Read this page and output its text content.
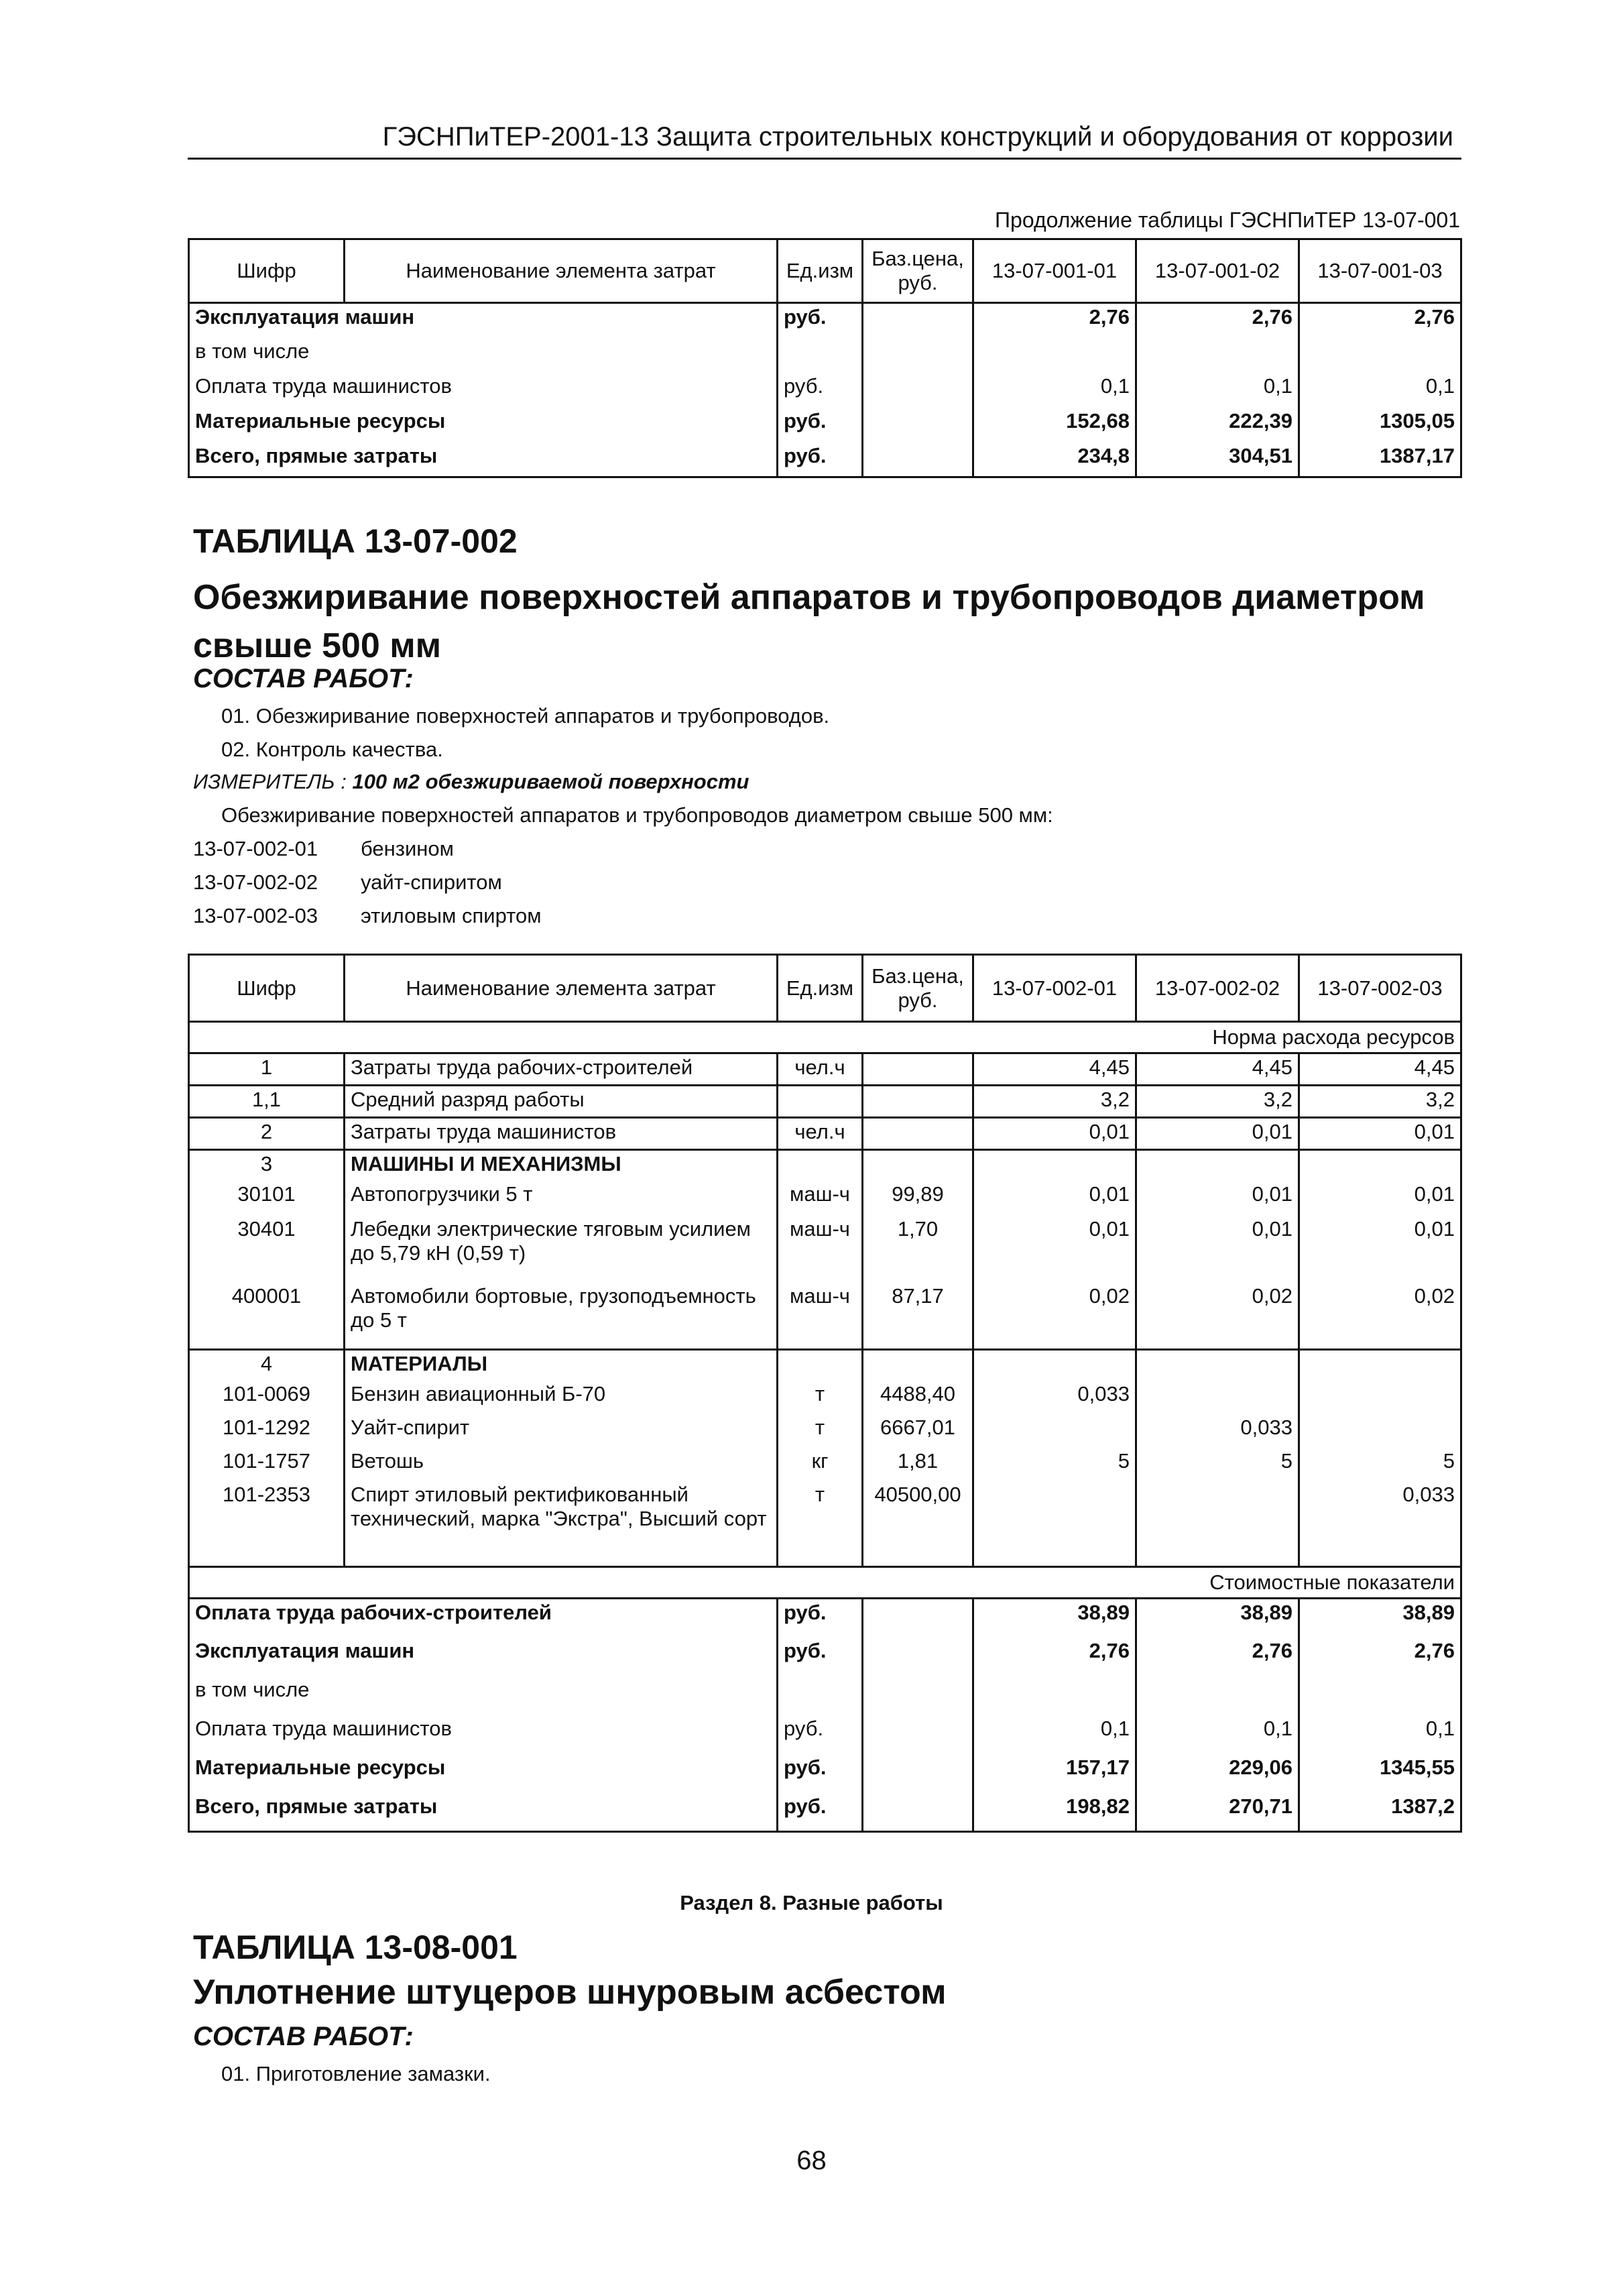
ГЭСНПиТЕР-2001-13 Защита строительных конструкций и оборудования от коррозии
Продолжение таблицы ГЭСНПиТЕР 13-07-001
Шифр	Наименование элемента затрат	Ед.изм	Баз.цена, руб.	13-07-001-01	13-07-001-02	13-07-001-03
Эксплуатация машин		руб.		2,76	2,76	2,76
в том числе						
Оплата труда машинистов		руб.		0,1	0,1	0,1
Материальные ресурсы		руб.		152,68	222,39	1305,05
Всего, прямые затраты		руб.		234,8	304,51	1387,17
ТАБЛИЦА 13-07-002
Обезжиривание поверхностей аппаратов и трубопроводов диаметром свыше 500 мм
СОСТАВ РАБОТ:
01. Обезжиривание поверхностей аппаратов и трубопроводов.
02. Контроль качества.
ИЗМЕРИТЕЛЬ : 100 м2 обезжириваемой поверхности
Обезжиривание поверхностей аппаратов и трубопроводов диаметром свыше 500 мм:
13-07-002-01 бензином
13-07-002-02 уайт-спиритом
13-07-002-03 этиловым спиртом
Шифр	Наименование элемента затрат	Ед.изм	Баз.цена, руб.	13-07-002-01	13-07-002-02	13-07-002-03
Норма расхода ресурсов						
1	Затраты труда рабочих-строителей	чел.ч		4,45	4,45	4,45
1,1	Средний разряд работы			3,2	3,2	3,2
2	Затраты труда машинистов	чел.ч		0,01	0,01	0,01
3	МАШИНЫ И МЕХАНИЗМЫ					
30101	Автопогрузчики 5 т	маш-ч	99,89	0,01	0,01	0,01
30401	Лебедки электрические тяговым усилием до 5,79 кН (0,59 т)	маш-ч	1,70	0,01	0,01	0,01
400001	Автомобили бортовые, грузоподъемность до 5 т	маш-ч	87,17	0,02	0,02	0,02
4	МАТЕРИАЛЫ					
101-0069	Бензин авиационный Б-70	т	4488,40	0,033		
101-1292	Уайт-спирит	т	6667,01		0,033	
101-1757	Ветошь	кг	1,81	5	5	5
101-2353	Спирт этиловый ректификованный технический, марка "Экстра", Высший сорт	т	40500,00			0,033
Стоимостные показатели						
Оплата труда рабочих-строителей		руб.		38,89	38,89	38,89
Эксплуатация машин		руб.		2,76	2,76	2,76
в том числе						
Оплата труда машинистов		руб.		0,1	0,1	0,1
Материальные ресурсы		руб.		157,17	229,06	1345,55
Всего, прямые затраты		руб.		198,82	270,71	1387,2
Раздел 8. Разные работы
ТАБЛИЦА 13-08-001
Уплотнение штуцеров шнуровым асбестом
СОСТАВ РАБОТ:
01. Приготовление замазки.
68
